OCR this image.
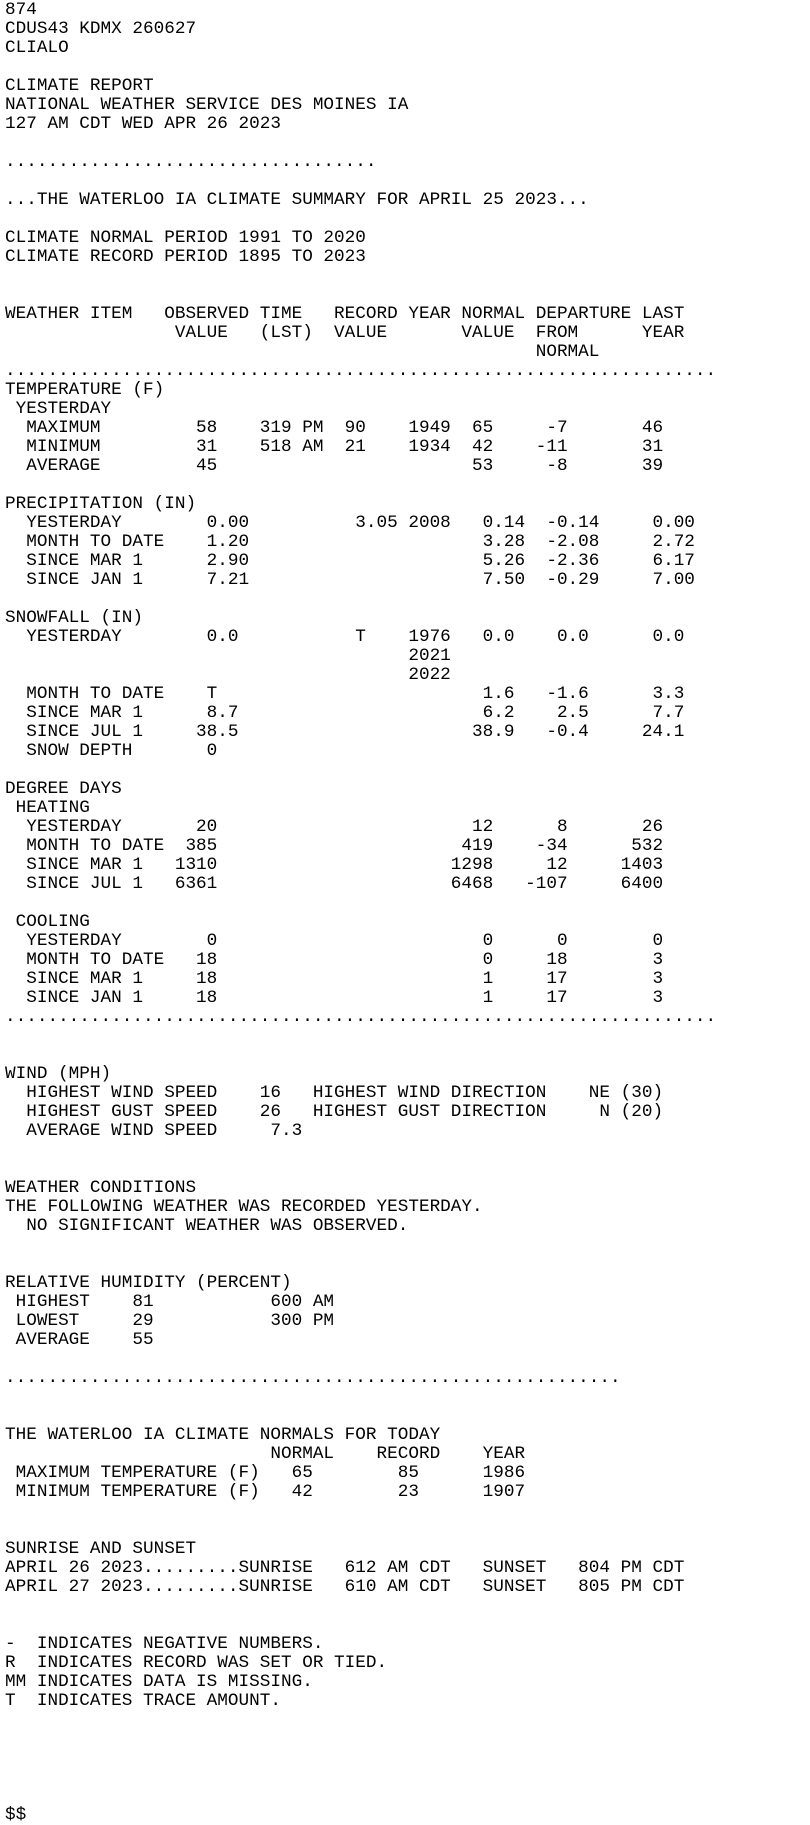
874
CDUS43 KDMX 260627
CLIALO

CLIMATE REPORT
NATIONAL WEATHER SERVICE DES MOINES IA
127 AM CDT WED APR 26 2023

...................................

...THE WATERLOO IA CLIMATE SUMMARY FOR APRIL 25 2023...

CLIMATE NORMAL PERIOD 1991 TO 2020
CLIMATE RECORD PERIOD 1895 TO 2023

WEATHER ITEM   OBSERVED TIME   RECORD YEAR NORMAL DEPARTURE LAST
VALUE   (LST)  VALUE       VALUE  FROM      YEAR
NORMAL
...................................................................
TEMPERATURE (F)
YESTERDAY
MAXIMUM         58    319 PM  90    1949  65     -7       46
MINIMUM         31    518 AM  21    1934  42    -11       31
AVERAGE         45                        53     -8       39

PRECIPITATION (IN)
YESTERDAY        0.00          3.05 2008   0.14  -0.14     0.00
MONTH TO DATE    1.20                      3.28  -2.08     2.72
SINCE MAR 1      2.90                      5.26  -2.36     6.17
SINCE JAN 1      7.21                      7.50  -0.29     7.00

SNOWFALL (IN)
YESTERDAY        0.0           T    1976   0.0    0.0      0.0
2021
2022
MONTH TO DATE    T                         1.6   -1.6      3.3
SINCE MAR 1      8.7                       6.2    2.5      7.7
SINCE JUL 1     38.5                      38.9   -0.4     24.1
SNOW DEPTH       0

DEGREE DAYS
HEATING
YESTERDAY       20                        12      8       26
MONTH TO DATE  385                       419    -34      532
SINCE MAR 1   1310                      1298     12     1403
SINCE JUL 1   6361                      6468   -107     6400

COOLING
YESTERDAY        0                         0      0        0
MONTH TO DATE   18                         0     18        3
SINCE MAR 1     18                         1     17        3
SINCE JAN 1     18                         1     17        3
...................................................................

WIND (MPH)
HIGHEST WIND SPEED    16   HIGHEST WIND DIRECTION    NE (30)
HIGHEST GUST SPEED    26   HIGHEST GUST DIRECTION     N (20)
AVERAGE WIND SPEED     7.3

WEATHER CONDITIONS
THE FOLLOWING WEATHER WAS RECORDED YESTERDAY.
NO SIGNIFICANT WEATHER WAS OBSERVED.

RELATIVE HUMIDITY (PERCENT)
HIGHEST    81           600 AM
LOWEST     29           300 PM
AVERAGE    55

..........................................................

THE WATERLOO IA CLIMATE NORMALS FOR TODAY
NORMAL    RECORD    YEAR
MAXIMUM TEMPERATURE (F)   65        85      1986
MINIMUM TEMPERATURE (F)   42        23      1907

SUNRISE AND SUNSET
APRIL 26 2023.........SUNRISE   612 AM CDT   SUNSET   804 PM CDT
APRIL 27 2023.........SUNRISE   610 AM CDT   SUNSET   805 PM CDT

-  INDICATES NEGATIVE NUMBERS.
R  INDICATES RECORD WAS SET OR TIED.
MM INDICATES DATA IS MISSING.
T  INDICATES TRACE AMOUNT.

$$
